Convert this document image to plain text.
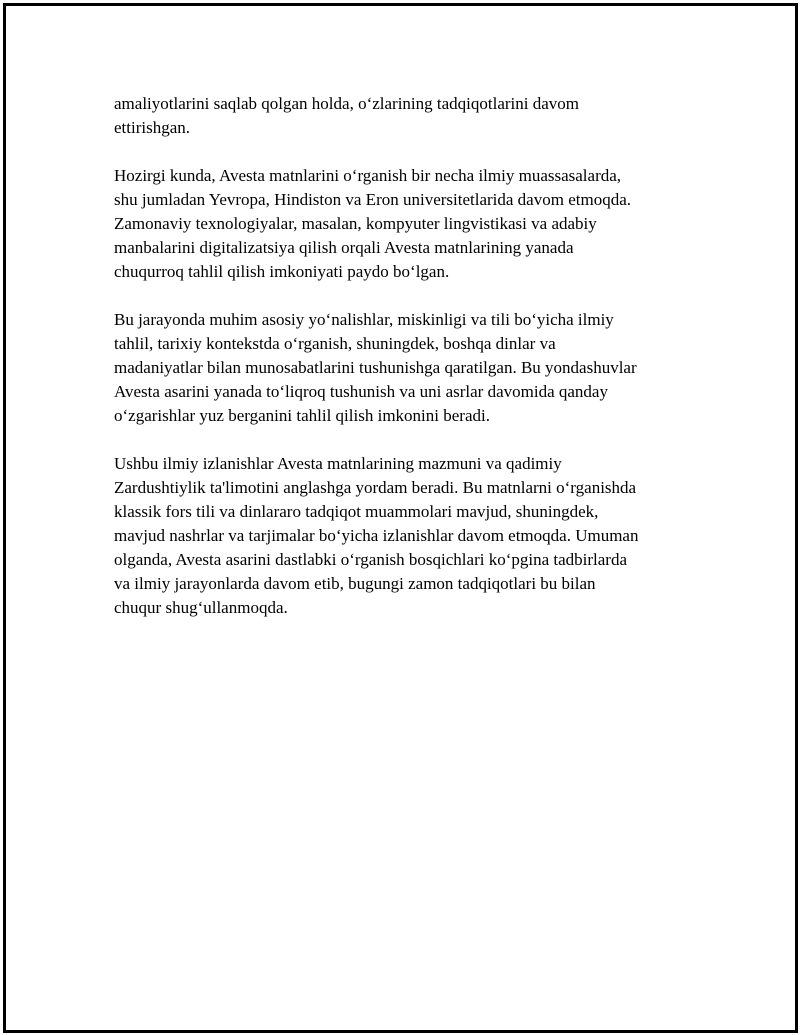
amaliyotlarini saqlab qolgan holda, o‘zlarining tadqiqotlarini davom
ettirishgan.

Hozirgi kunda, Avesta matnlarini o‘rganish bir necha ilmiy muassasalarda,
shu jumladan Yevropa, Hindiston va Eron universitetlarida davom etmoqda.
Zamonaviy texnologiyalar, masalan, kompyuter lingvistikasi va adabiy
manbalarini digitalizatsiya qilish orqali Avesta matnlarining yanada
chuqurroq tahlil qilish imkoniyati paydo bo‘lgan.

Bu jarayonda muhim asosiy yo‘nalishlar, miskinligi va tili bo‘yicha ilmiy
tahlil, tarixiy kontekstda o‘rganish, shuningdek, boshqa dinlar va
madaniyatlar bilan munosabatlarini tushunishga qaratilgan. Bu yondashuvlar
Avesta asarini yanada to‘liqroq tushunish va uni asrlar davomida qanday
o‘zgarishlar yuz berganini tahlil qilish imkonini beradi.

Ushbu ilmiy izlanishlar Avesta matnlarining mazmuni va qadimiy
Zardushtiylik ta'limotini anglashga yordam beradi. Bu matnlarni o‘rganishda
klassik fors tili va dinlararo tadqiqot muammolari mavjud, shuningdek,
mavjud nashrlar va tarjimalar bo‘yicha izlanishlar davom etmoqda. Umuman
olganda, Avesta asarini dastlabki o‘rganish bosqichlari ko‘pgina tadbirlarda
va ilmiy jarayonlarda davom etib, bugungi zamon tadqiqotlari bu bilan
chuqur shug‘ullanmoqda.
